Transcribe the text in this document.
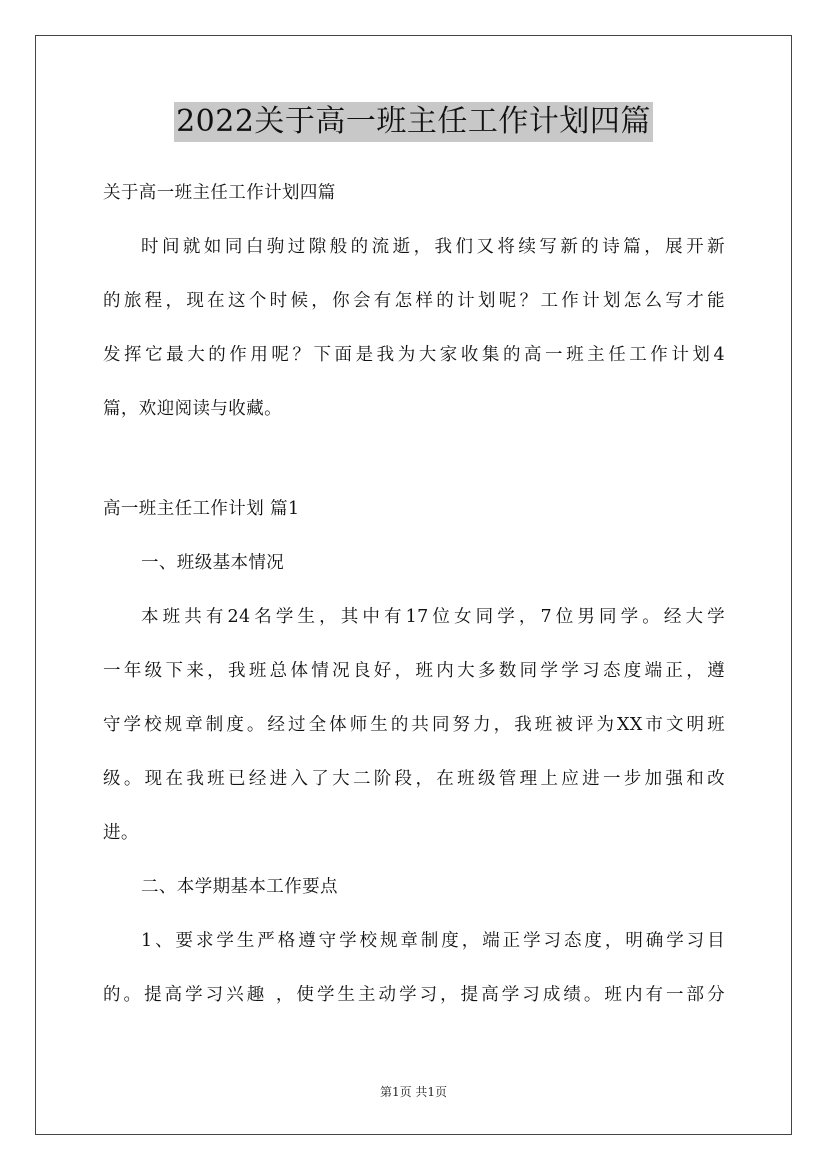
2022关于高一班主任工作计划四篇
关于高一班主任工作计划四篇
时间就如同白驹过隙般的流逝，我们又将续写新的诗篇，展开新
的旅程，现在这个时候，你会有怎样的计划呢？工作计划怎么写才能
发挥它最大的作用呢？下面是我为大家收集的高一班主任工作计划4
篇，欢迎阅读与收藏。
高一班主任工作计划 篇1
一、班级基本情况
本班共有24名学生，其中有17位女同学，7位男同学。经大学
一年级下来，我班总体情况良好，班内大多数同学学习态度端正，遵
守学校规章制度。经过全体师生的共同努力，我班被评为XX市文明班
级。现在我班已经进入了大二阶段，在班级管理上应进一步加强和改
进。
二、本学期基本工作要点
1、要求学生严格遵守学校规章制度，端正学习态度，明确学习目
的。提高学习兴趣 ，使学生主动学习，提高学习成绩。班内有一部分
第1页 共1页
